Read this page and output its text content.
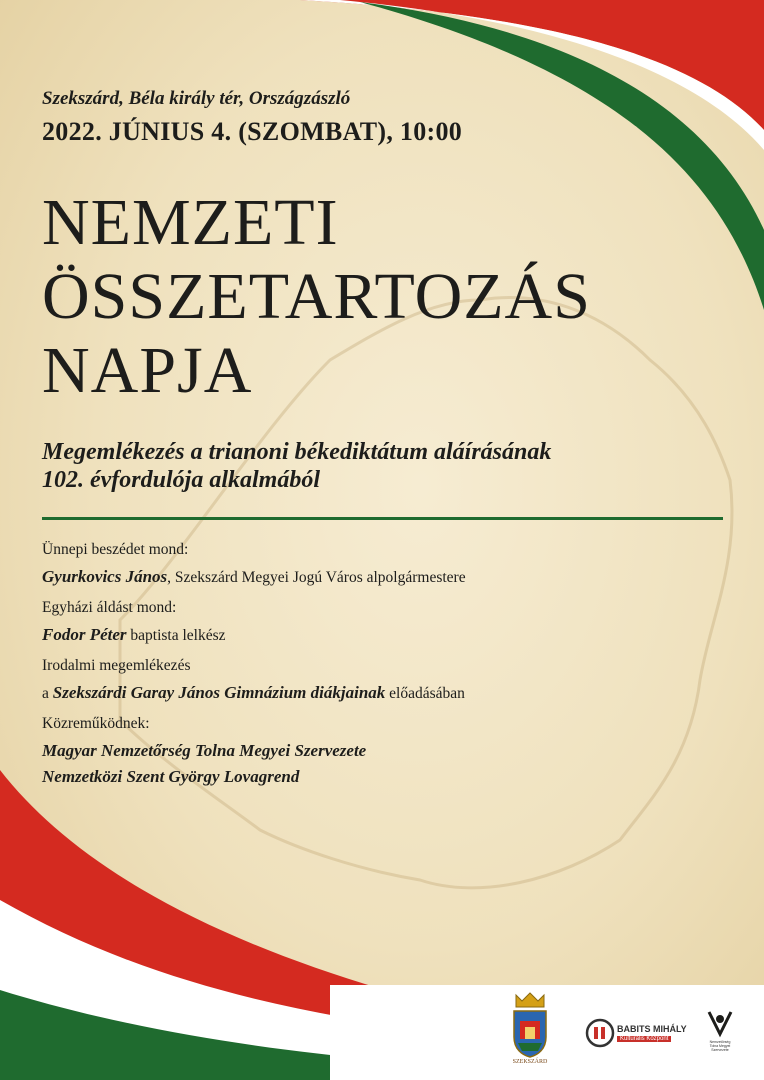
Szekszárd, Béla király tér, Országzászló
2022. JÚNIUS 4. (SZOMBAT), 10:00
NEMZETI
ÖSSZETARTOZÁS
NAPJA
Megemlékezés a trianoni békediktátum aláírásának
102. évfordulója alkalmából
Ünnepi beszédet mond:
Gyurkovics János, Szekszárd Megyei Jogú Város alpolgármestere
Egyházi áldást mond:
Fodor Péter baptista lelkész
Irodalmi megemlékezés
a Szekszárdi Garay János Gimnázium diákjainak előadásában
Közreműködnek:
Magyar Nemzetőrség Tolna Megyei Szervezete
Nemzetközi Szent György Lovagrend
SZEKSZÁRD
BABITS MIHÁLY
Kulturális Központ	Nemzetőrség Tolna Megyei Szervezete
